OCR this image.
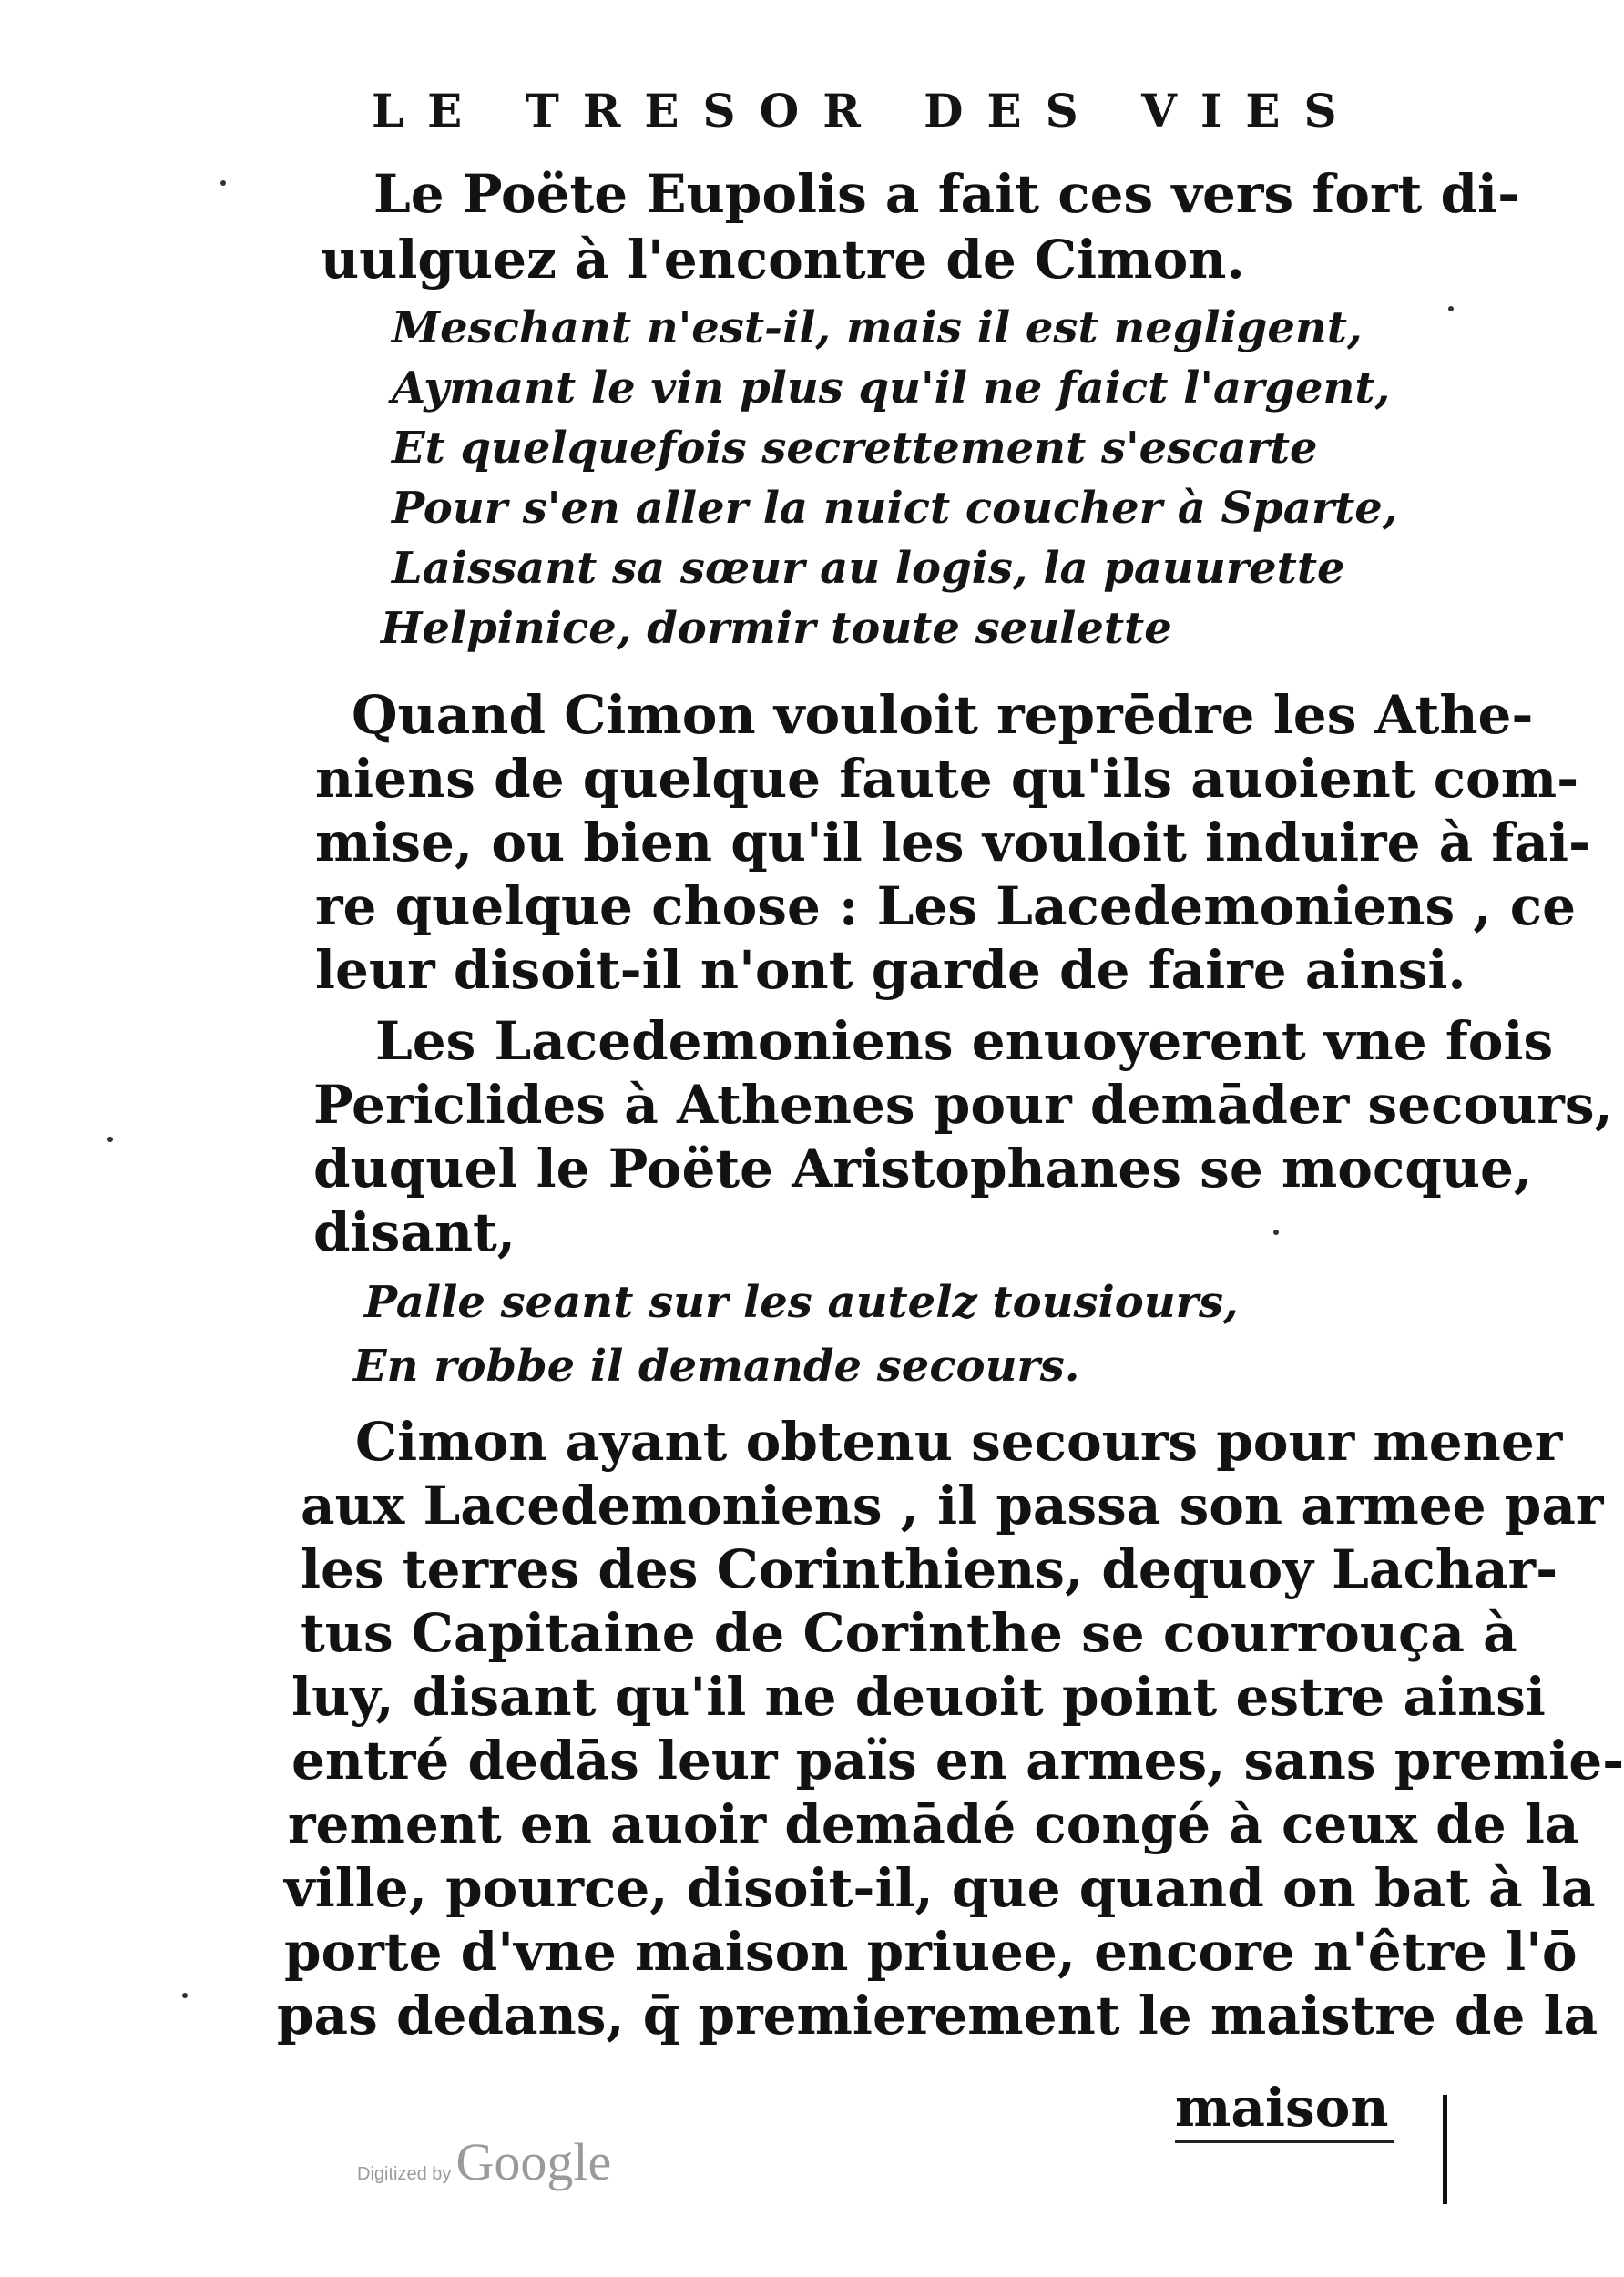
LE TRESOR DES VIES
Le Poëte Eupolis a fait ces vers fort di-
uulguez à l'encontre de Cimon.
Meschant n'est-il, mais il est negligent,
Aymant le vin plus qu'il ne faict l'argent,
Et quelquefois secrettement s'escarte
Pour s'en aller la nuict coucher à Sparte,
Laissant sa sœur au logis, la pauurette
Helpinice, dormir toute seulette
Quand Cimon vouloit reprēdre les Athe-
niens de quelque faute qu'ils auoient com-
mise, ou bien qu'il les vouloit induire à fai-
re quelque chose : Les Lacedemoniens , ce
leur disoit-il n'ont garde de faire ainsi.
Les Lacedemoniens enuoyerent vne fois
Periclides à Athenes pour demāder secours,
duquel le Poëte Aristophanes se mocque,
disant,
Palle seant sur les autelz tousiours,
En robbe il demande secours.
Cimon ayant obtenu secours pour mener
aux Lacedemoniens , il passa son armee par
les terres des Corinthiens, dequoy Lachar-
tus Capitaine de Corinthe se courrouça à
luy, disant qu'il ne deuoit point estre ainsi
entré dedās leur païs en armes, sans premie-
rement en auoir demādé congé à ceux de la
ville, pource, disoit-il, que quand on bat à la
porte d'vne maison priuee, encore n'être l'ō
pas dedans, q̄ premierement le maistre de la
maison
Digitized by Google
